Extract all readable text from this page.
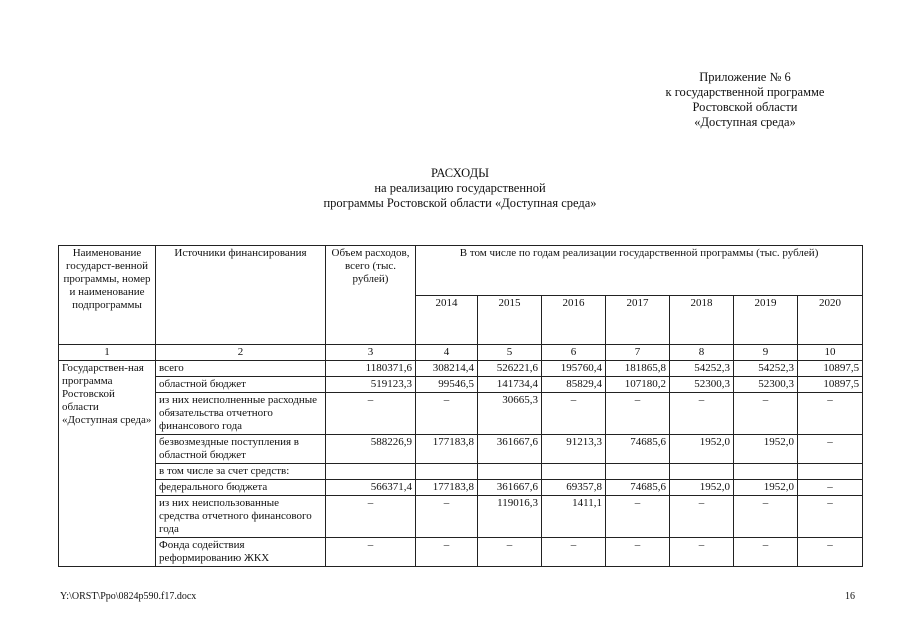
Приложение № 6
к государственной программе
Ростовской области
«Доступная среда»
РАСХОДЫ
на реализацию государственной
программы Ростовской области «Доступная среда»
Наименование государст-венной программы, номер и наименование подпрограммы	Источники финансирования	Объем расходов, всего (тыс. рублей)	В том числе по годам реализации государственной программы (тыс. рублей)						
			2014	2015	2016	2017	2018	2019	2020
1	2	3	4	5	6	7	8	9	10
Государствен-ная программа Ростовской области «Доступная среда»	всего	1180371,6	308214,4	526221,6	195760,4	181865,8	54252,3	54252,3	10897,5
	областной бюджет	519123,3	99546,5	141734,4	85829,4	107180,2	52300,3	52300,3	10897,5
	из них неисполненные расходные обязательства отчетного финансового года	–	–	30665,3	–	–	–	–	–
	безвозмездные поступления в областной бюджет	588226,9	177183,8	361667,6	91213,3	74685,6	1952,0	1952,0	–
	в том числе за счет средств:								
	федерального бюджета	566371,4	177183,8	361667,6	69357,8	74685,6	1952,0	1952,0	–
	из них неиспользованные средства отчетного финансового года	–	–	119016,3	1411,1	–	–	–	–
	Фонда содействия реформированию ЖКХ	–	–	–	–	–	–	–	–
Y:\ORST\Ppo\0824p590.f17.docx	16
